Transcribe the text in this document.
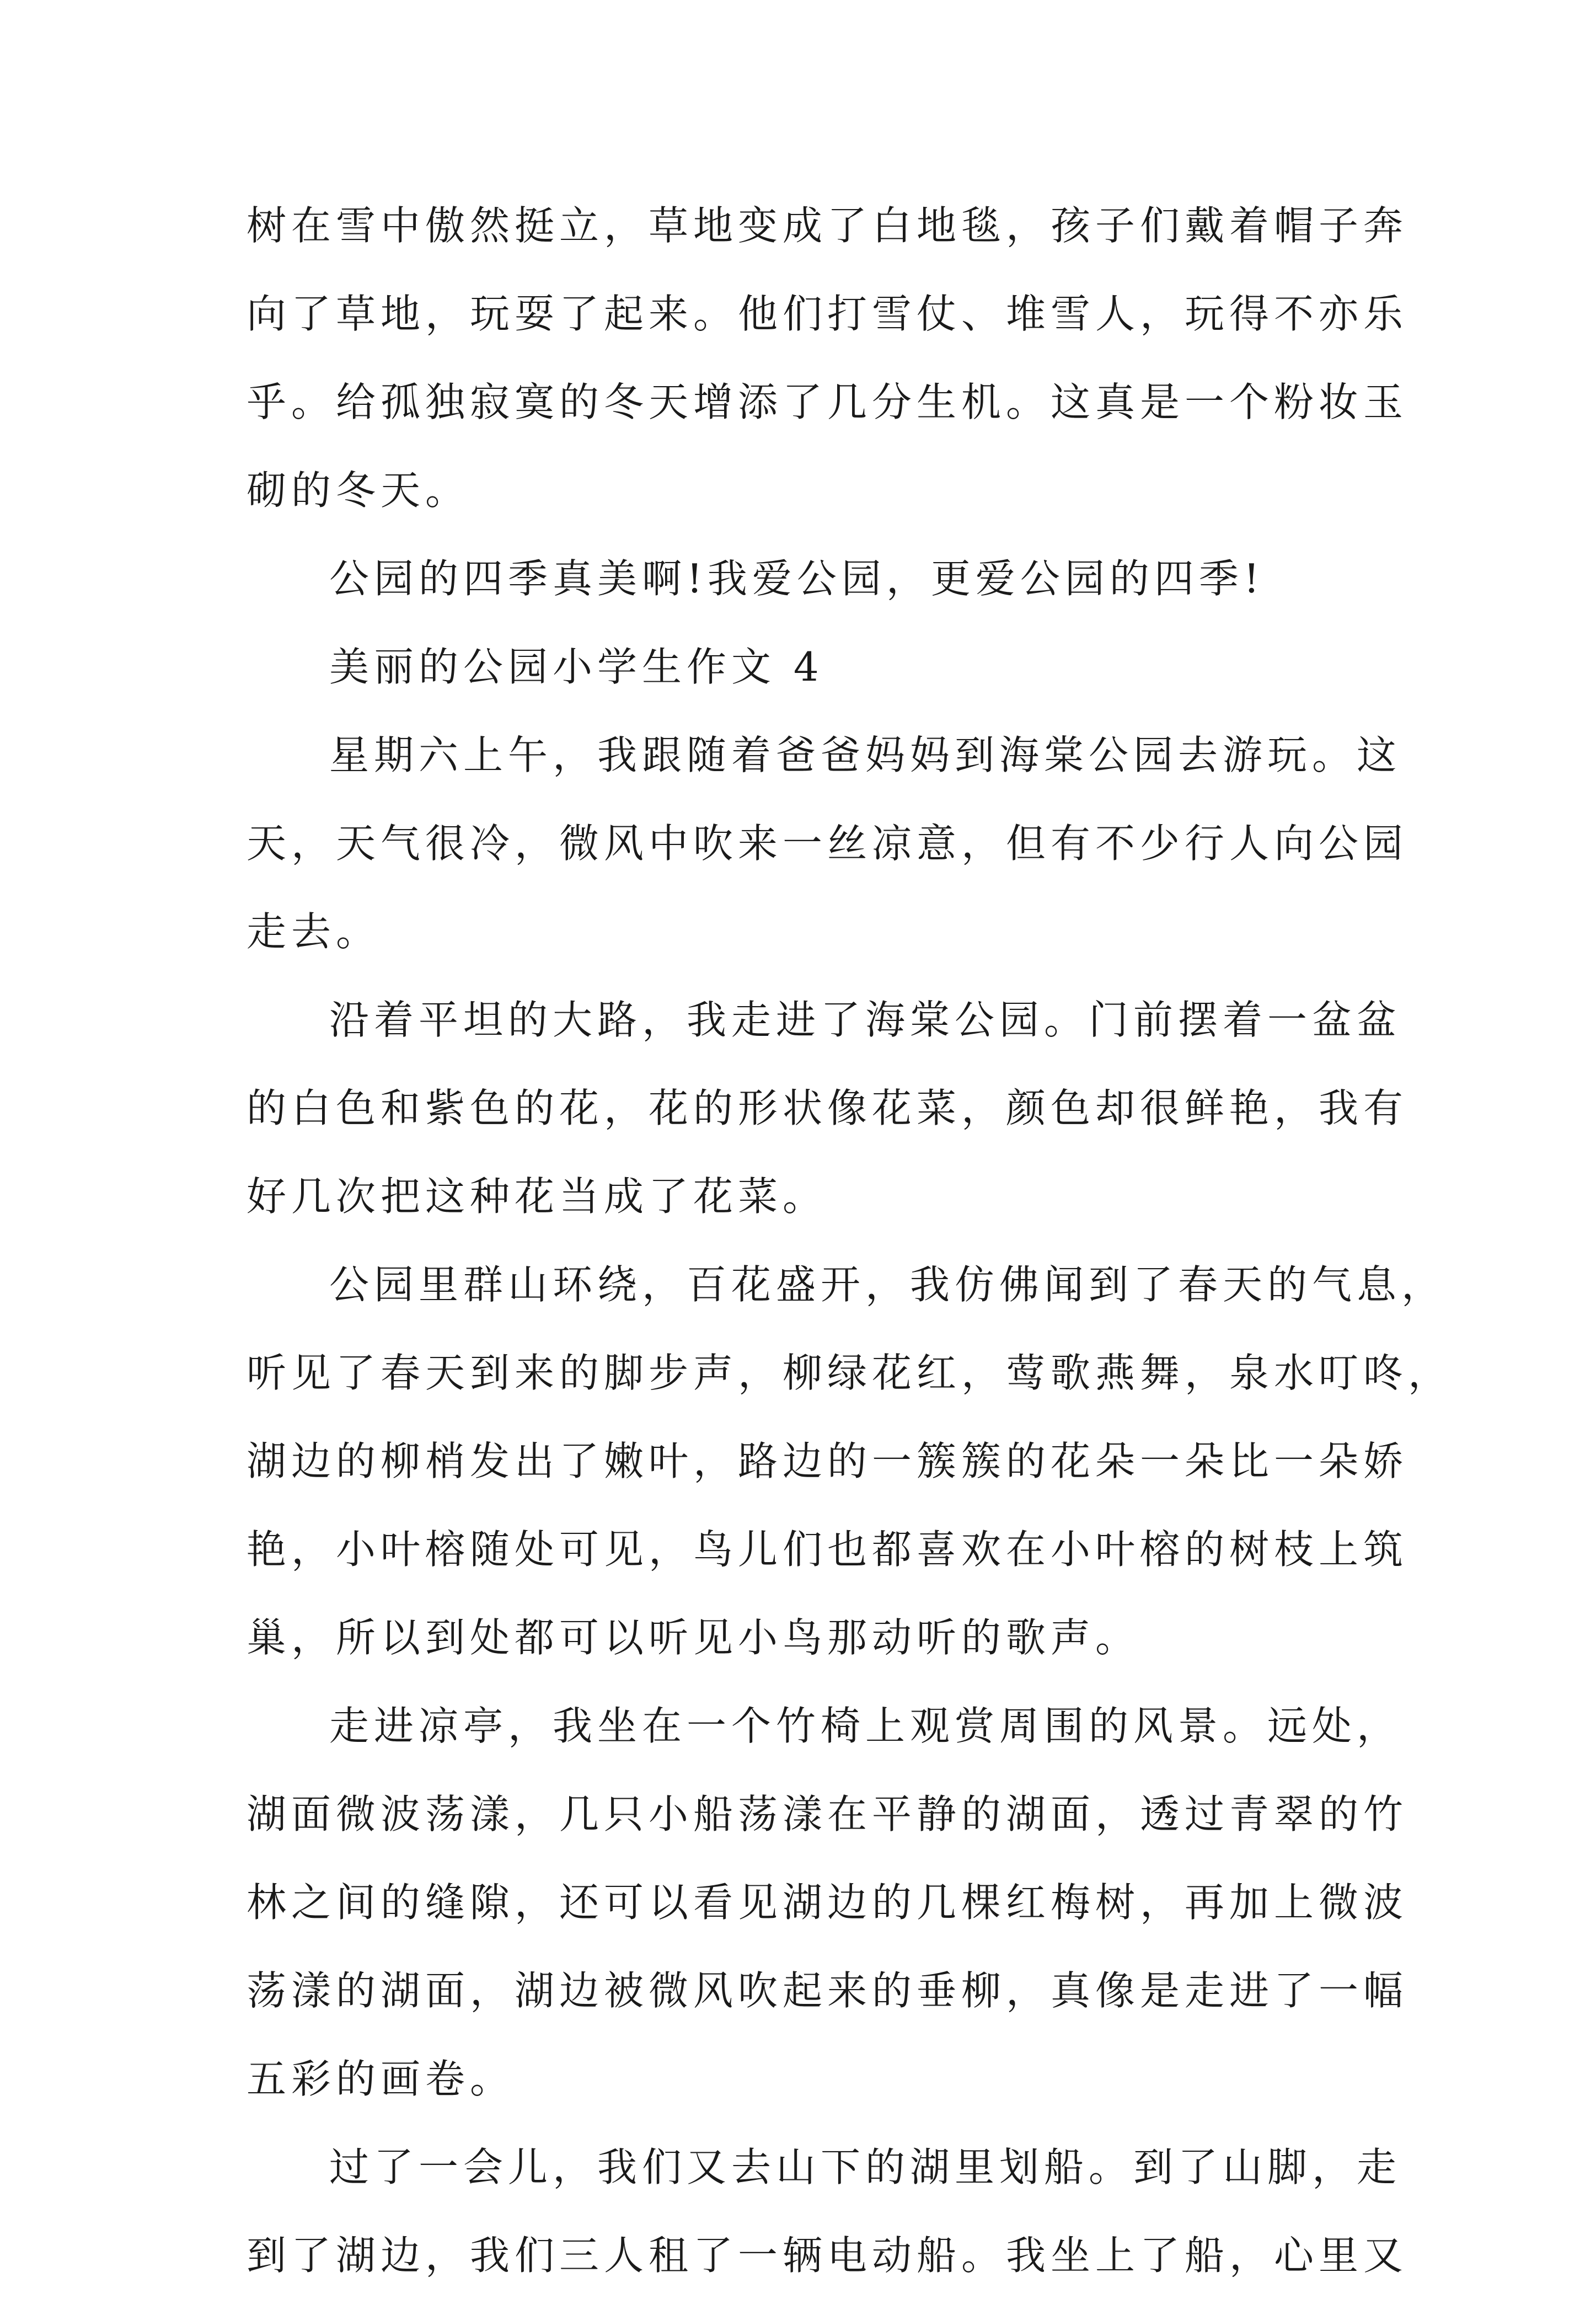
树在雪中傲然挺立，草地变成了白地毯，孩子们戴着帽子奔
向了草地，玩耍了起来。他们打雪仗、堆雪人，玩得不亦乐
乎。给孤独寂寞的冬天增添了几分生机。这真是一个粉妆玉
砌的冬天。
公园的四季真美啊!我爱公园，更爱公园的四季!
美丽的公园小学生作文 4
星期六上午，我跟随着爸爸妈妈到海棠公园去游玩。这
天，天气很冷，微风中吹来一丝凉意，但有不少行人向公园
走去。
沿着平坦的大路，我走进了海棠公园。门前摆着一盆盆
的白色和紫色的花，花的形状像花菜，颜色却很鲜艳，我有
好几次把这种花当成了花菜。
公园里群山环绕，百花盛开，我仿佛闻到了春天的气息，
听见了春天到来的脚步声，柳绿花红，莺歌燕舞，泉水叮咚，
湖边的柳梢发出了嫩叶，路边的一簇簇的花朵一朵比一朵娇
艳，小叶榕随处可见，鸟儿们也都喜欢在小叶榕的树枝上筑
巢，所以到处都可以听见小鸟那动听的歌声。
走进凉亭，我坐在一个竹椅上观赏周围的风景。远处，
湖面微波荡漾，几只小船荡漾在平静的湖面，透过青翠的竹
林之间的缝隙，还可以看见湖边的几棵红梅树，再加上微波
荡漾的湖面，湖边被微风吹起来的垂柳，真像是走进了一幅
五彩的画卷。
过了一会儿，我们又去山下的湖里划船。到了山脚，走
到了湖边，我们三人租了一辆电动船。我坐上了船，心里又
